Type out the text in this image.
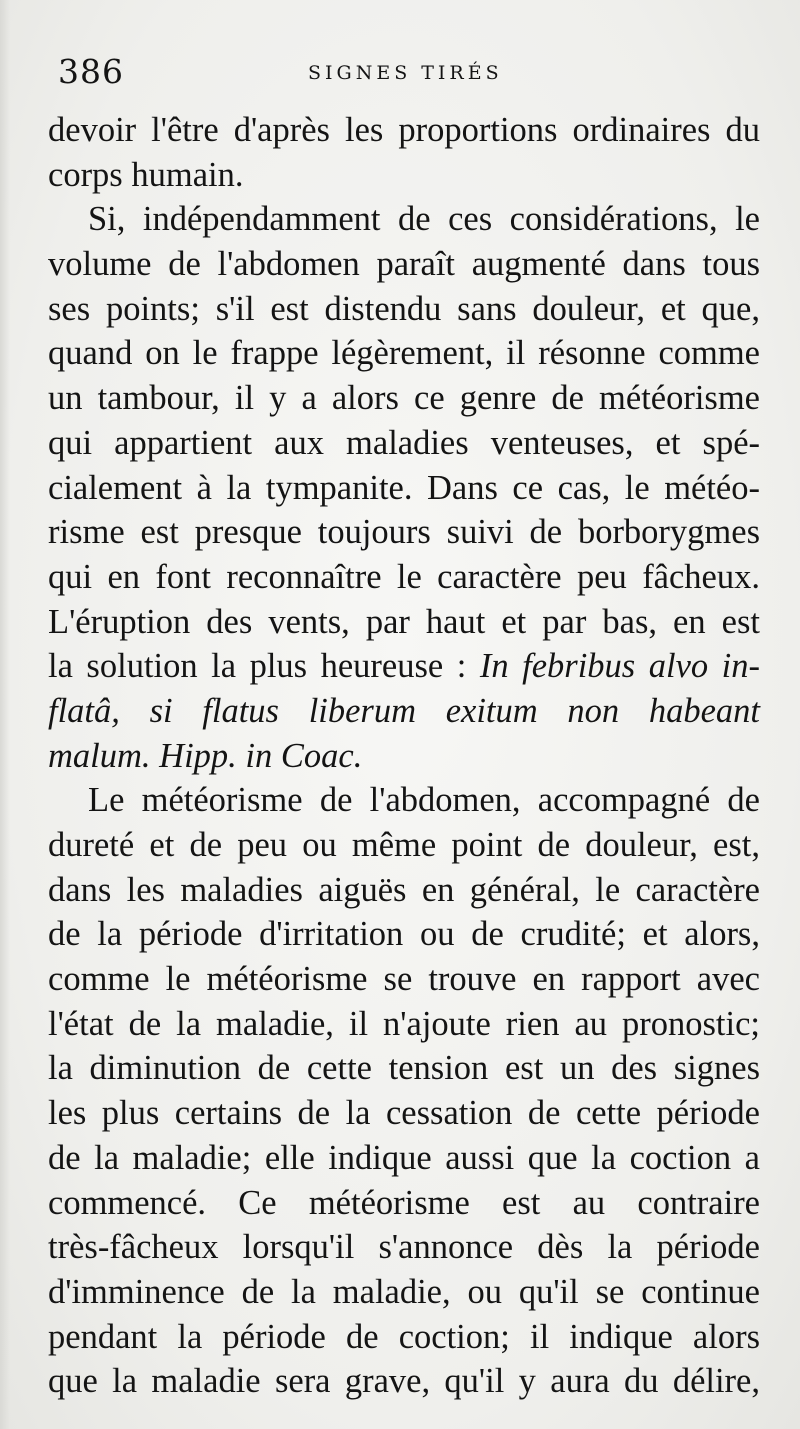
386	SIGNES TIRÉS
devoir l'être d'après les proportions ordinaires du
corps humain.
Si, indépendamment de ces considérations, le
volume de l'abdomen paraît augmenté dans tous
ses points; s'il est distendu sans douleur, et que,
quand on le frappe légèrement, il résonne comme
un tambour, il y a alors ce genre de météorisme
qui appartient aux maladies venteuses, et spé-
cialement à la tympanite. Dans ce cas, le météo-
risme est presque toujours suivi de borborygmes
qui en font reconnaître le caractère peu fâcheux.
L'éruption des vents, par haut et par bas, en est
la solution la plus heureuse : In febribus alvo in-
flatâ, si flatus liberum exitum non habeant
malum. Hipp. in Coac.
Le météorisme de l'abdomen, accompagné de
dureté et de peu ou même point de douleur, est,
dans les maladies aiguës en général, le caractère
de la période d'irritation ou de crudité; et alors,
comme le météorisme se trouve en rapport avec
l'état de la maladie, il n'ajoute rien au pronostic;
la diminution de cette tension est un des signes
les plus certains de la cessation de cette période
de la maladie; elle indique aussi que la coction a
commencé. Ce météorisme est au contraire
très-fâcheux lorsqu'il s'annonce dès la période
d'imminence de la maladie, ou qu'il se continue
pendant la période de coction; il indique alors
que la maladie sera grave, qu'il y aura du délire,
